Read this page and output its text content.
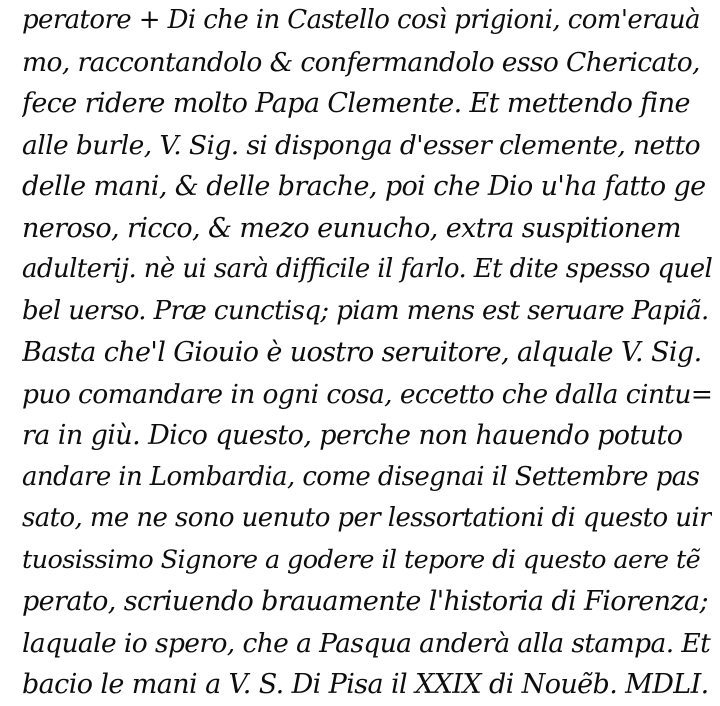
peratore + Di che in Castello così prigioni, com'erauà
mo, raccontandolo & confermandolo esso Chericato,
fece ridere molto Papa Clemente. Et mettendo fine
alle burle, V. Sig. si disponga d'esser clemente, netto
delle mani, & delle brache, poi che Dio u'ha fatto ge
neroso, ricco, & mezo eunucho, extra suspitionem
adulterij. nè ui sarà difficile il farlo. Et dite spesso quel
bel uerso. Præ cunctisq; piam mens est seruare Papiã.
Basta che'l Giouio è uostro seruitore, alquale V. Sig.
puo comandare in ogni cosa, eccetto che dalla cintu=
ra in giù. Dico questo, perche non hauendo potuto
andare in Lombardia, come disegnai il Settembre pas
sato, me ne sono uenuto per lessortationi di questo uir
tuosissimo Signore a godere il tepore di questo aere tẽ
perato, scriuendo brauamente l'historia di Fiorenza;
laquale io spero, che a Pasqua anderà alla stampa. Et
bacio le mani a V. S. Di Pisa il XXIX di Nouẽb. MDLI.
